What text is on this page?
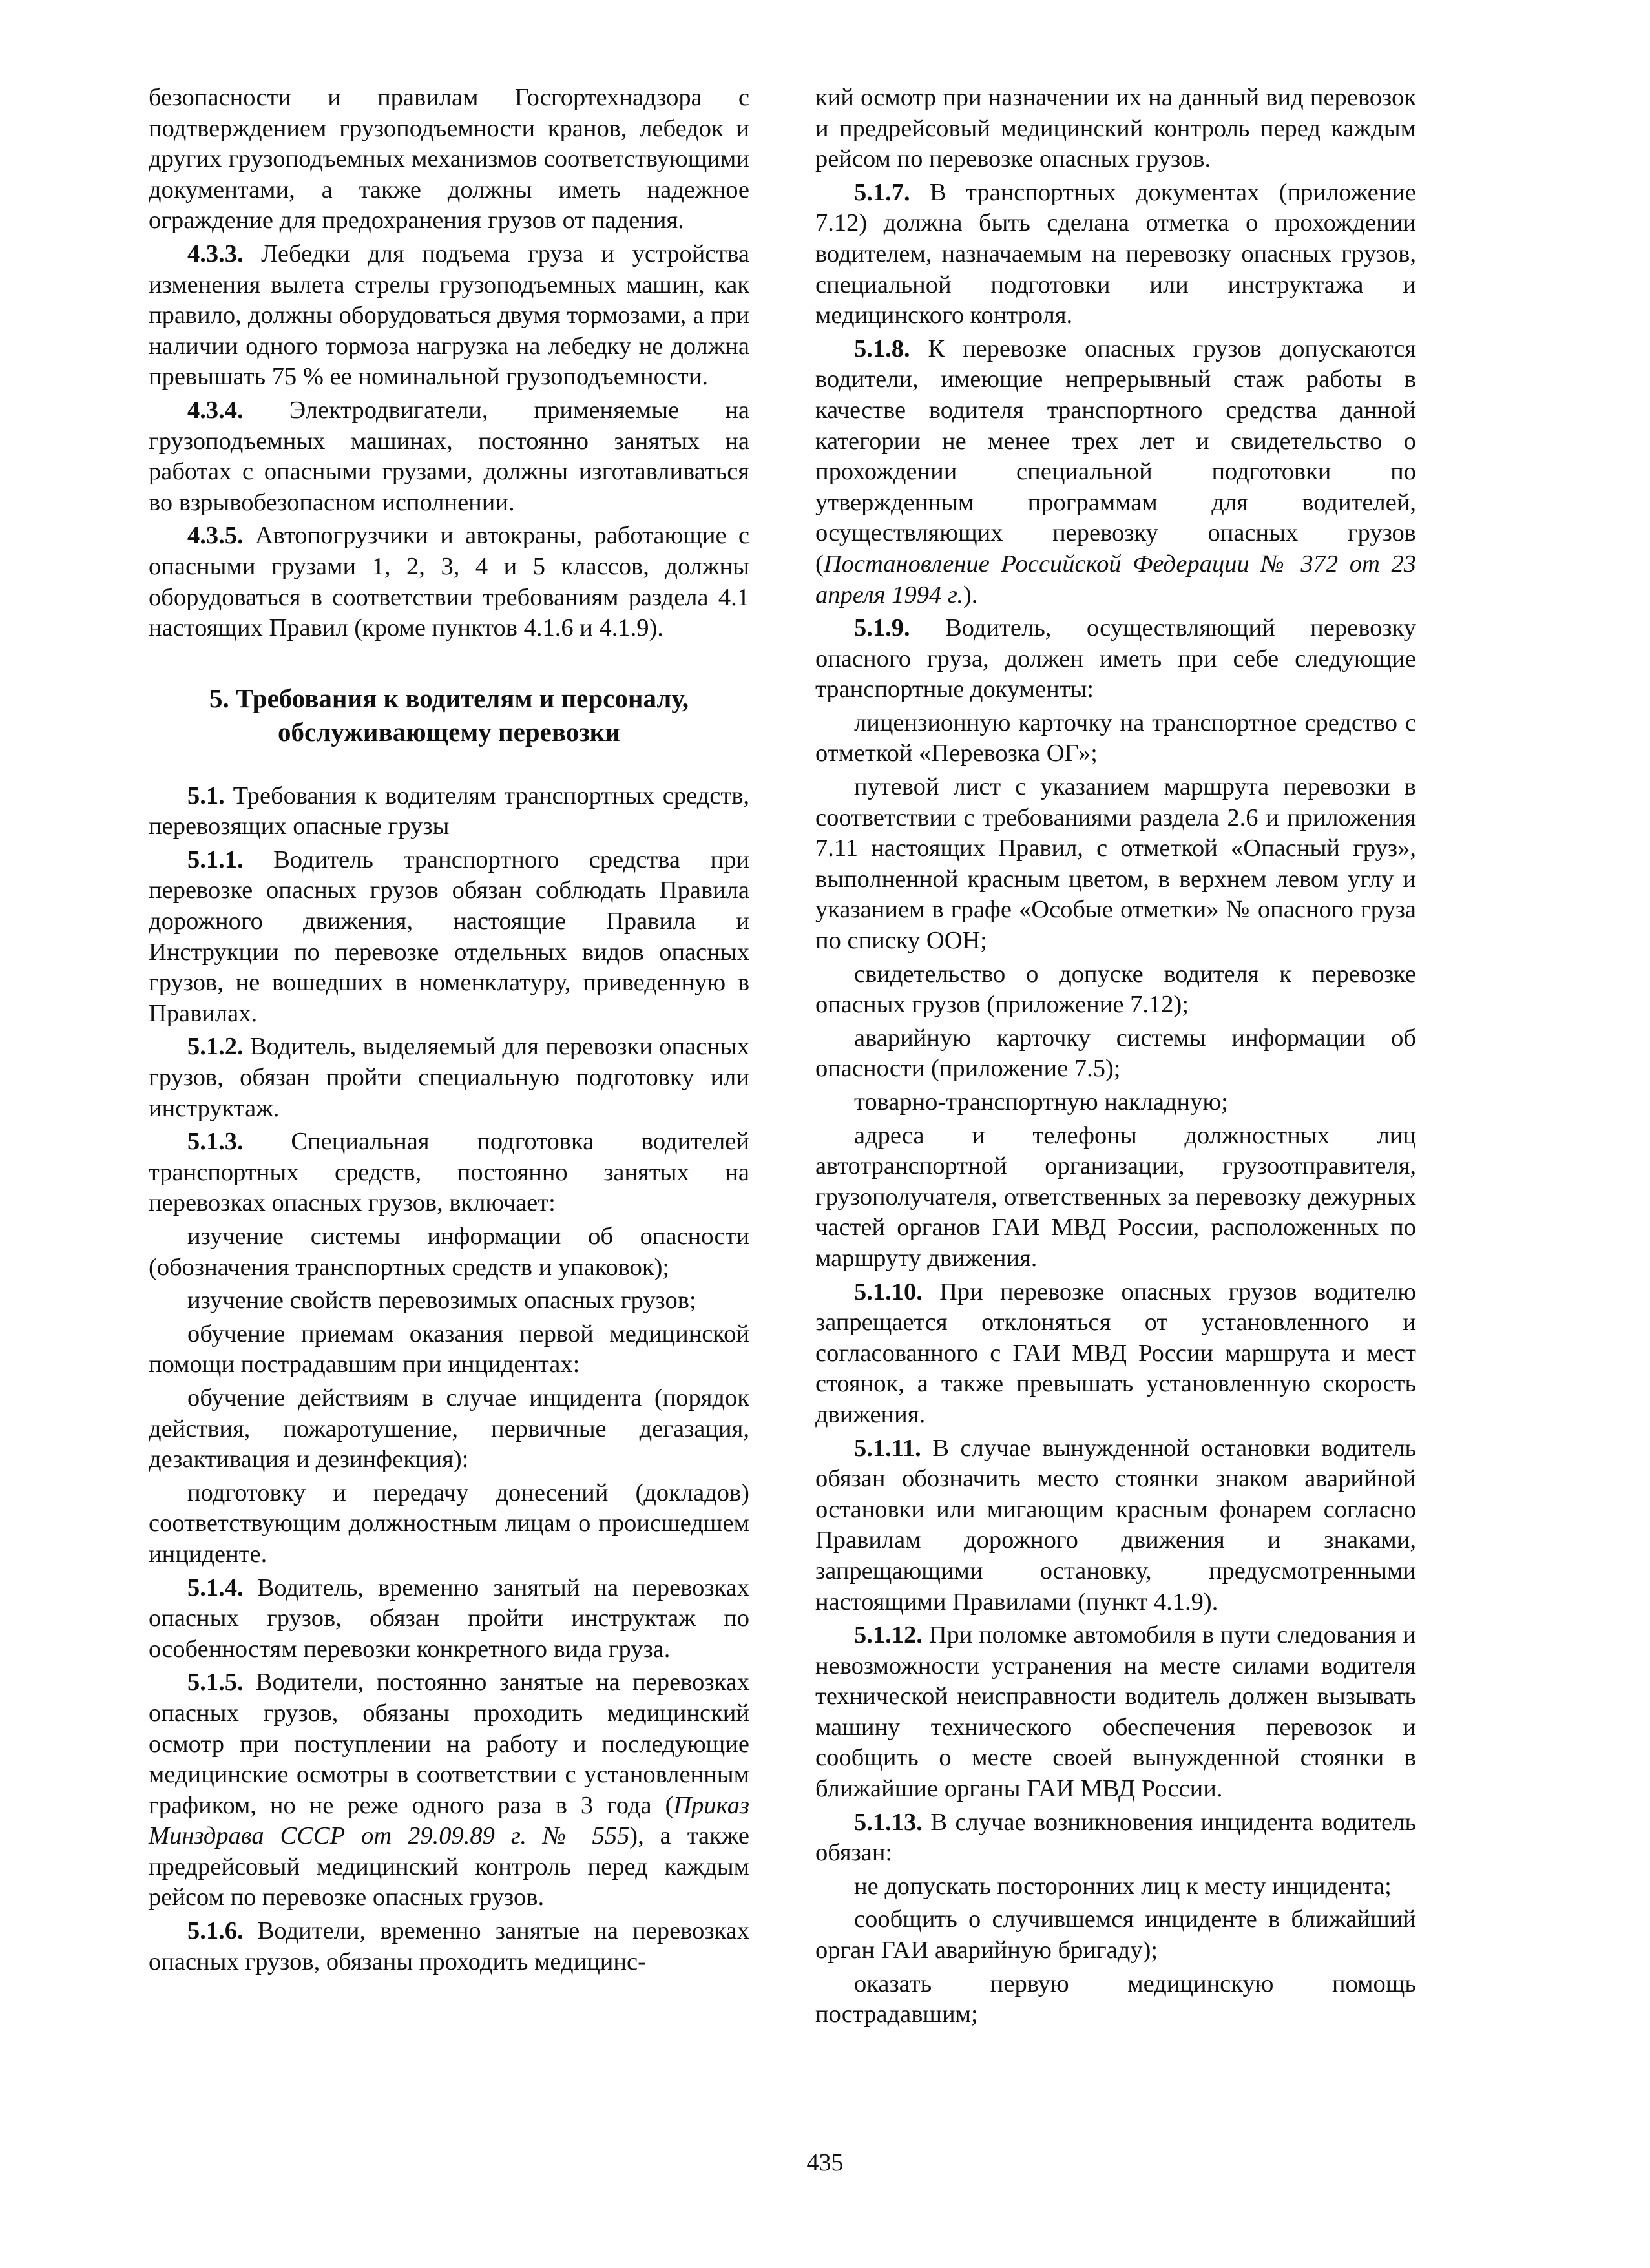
безопасности и правилам Госгортехнадзора с подтверждением грузоподъемности кранов, лебедок и других грузоподъемных механизмов соответствующими документами, а также должны иметь надежное ограждение для предохранения грузов от падения.

4.3.3. Лебедки для подъема груза и устройства изменения вылета стрелы грузоподъемных машин, как правило, должны оборудоваться двумя тормозами, а при наличии одного тормоза нагрузка на лебедку не должна превышать 75 % ее номинальной грузоподъемности.

4.3.4. Электродвигатели, применяемые на грузоподъемных машинах, постоянно занятых на работах с опасными грузами, должны изготавливаться во взрывобезопасном исполнении.

4.3.5. Автопогрузчики и автокраны, работающие с опасными грузами 1, 2, 3, 4 и 5 классов, должны оборудоваться в соответствии требованиям раздела 4.1 настоящих Правил (кроме пунктов 4.1.6 и 4.1.9).

5. Требования к водителям и персоналу,
обслуживающему перевозки

5.1. Требования к водителям транспортных средств, перевозящих опасные грузы

5.1.1. Водитель транспортного средства при перевозке опасных грузов обязан соблюдать Правила дорожного движения, настоящие Правила и Инструкции по перевозке отдельных видов опасных грузов, не вошедших в номенклатуру, приведенную в Правилах.

5.1.2. Водитель, выделяемый для перевозки опасных грузов, обязан пройти специальную подготовку или инструктаж.

5.1.3. Специальная подготовка водителей транспортных средств, постоянно занятых на перевозках опасных грузов, включает:

изучение системы информации об опасности (обозначения транспортных средств и упаковок);

изучение свойств перевозимых опасных грузов;

обучение приемам оказания первой медицинской помощи пострадавшим при инцидентах:

обучение действиям в случае инцидента (порядок действия, пожаротушение, первичные дегазация, дезактивация и дезинфекция):

подготовку и передачу донесений (докладов) соответствующим должностным лицам о происшедшем инциденте.

5.1.4. Водитель, временно занятый на перевозках опасных грузов, обязан пройти инструктаж по особенностям перевозки конкретного вида груза.

5.1.5. Водители, постоянно занятые на перевозках опасных грузов, обязаны проходить медицинский осмотр при поступлении на работу и последующие медицинские осмотры в соответствии с установленным графиком, но не реже одного раза в 3 года (Приказ Минздрава СССР от 29.09.89 г. № 555), а также предрейсовый медицинский контроль перед каждым рейсом по перевозке опасных грузов.

5.1.6. Водители, временно занятые на перевозках опасных грузов, обязаны проходить медицинс-

кий осмотр при назначении их на данный вид перевозок и предрейсовый медицинский контроль перед каждым рейсом по перевозке опасных грузов.

5.1.7. В транспортных документах (приложение 7.12) должна быть сделана отметка о прохождении водителем, назначаемым на перевозку опасных грузов, специальной подготовки или инструктажа и медицинского контроля.

5.1.8. К перевозке опасных грузов допускаются водители, имеющие непрерывный стаж работы в качестве водителя транспортного средства данной категории не менее трех лет и свидетельство о прохождении специальной подготовки по утвержденным программам для водителей, осуществляющих перевозку опасных грузов (Постановление Российской Федерации № 372 от 23 апреля 1994 г.).

5.1.9. Водитель, осуществляющий перевозку опасного груза, должен иметь при себе следующие транспортные документы:

лицензионную карточку на транспортное средство с отметкой «Перевозка ОГ»;

путевой лист с указанием маршрута перевозки в соответствии с требованиями раздела 2.6 и приложения 7.11 настоящих Правил, с отметкой «Опасный груз», выполненной красным цветом, в верхнем левом углу и указанием в графе «Особые отметки» № опасного груза по списку ООН;

свидетельство о допуске водителя к перевозке опасных грузов (приложение 7.12);

аварийную карточку системы информации об опасности (приложение 7.5);

товарно-транспортную накладную;

адреса и телефоны должностных лиц автотранспортной организации, грузоотправителя, грузополучателя, ответственных за перевозку дежурных частей органов ГАИ МВД России, расположенных по маршруту движения.

5.1.10. При перевозке опасных грузов водителю запрещается отклоняться от установленного и согласованного с ГАИ МВД России маршрута и мест стоянок, а также превышать установленную скорость движения.

5.1.11. В случае вынужденной остановки водитель обязан обозначить место стоянки знаком аварийной остановки или мигающим красным фонарем согласно Правилам дорожного движения и знаками, запрещающими остановку, предусмотренными настоящими Правилами (пункт 4.1.9).

5.1.12. При поломке автомобиля в пути следования и невозможности устранения на месте силами водителя технической неисправности водитель должен вызывать машину технического обеспечения перевозок и сообщить о месте своей вынужденной стоянки в ближайшие органы ГАИ МВД России.

5.1.13. В случае возникновения инцидента водитель обязан:

не допускать посторонних лиц к месту инцидента;

сообщить о случившемся инциденте в ближайший орган ГАИ аварийную бригаду);

оказать первую медицинскую помощь пострадавшим;

435
